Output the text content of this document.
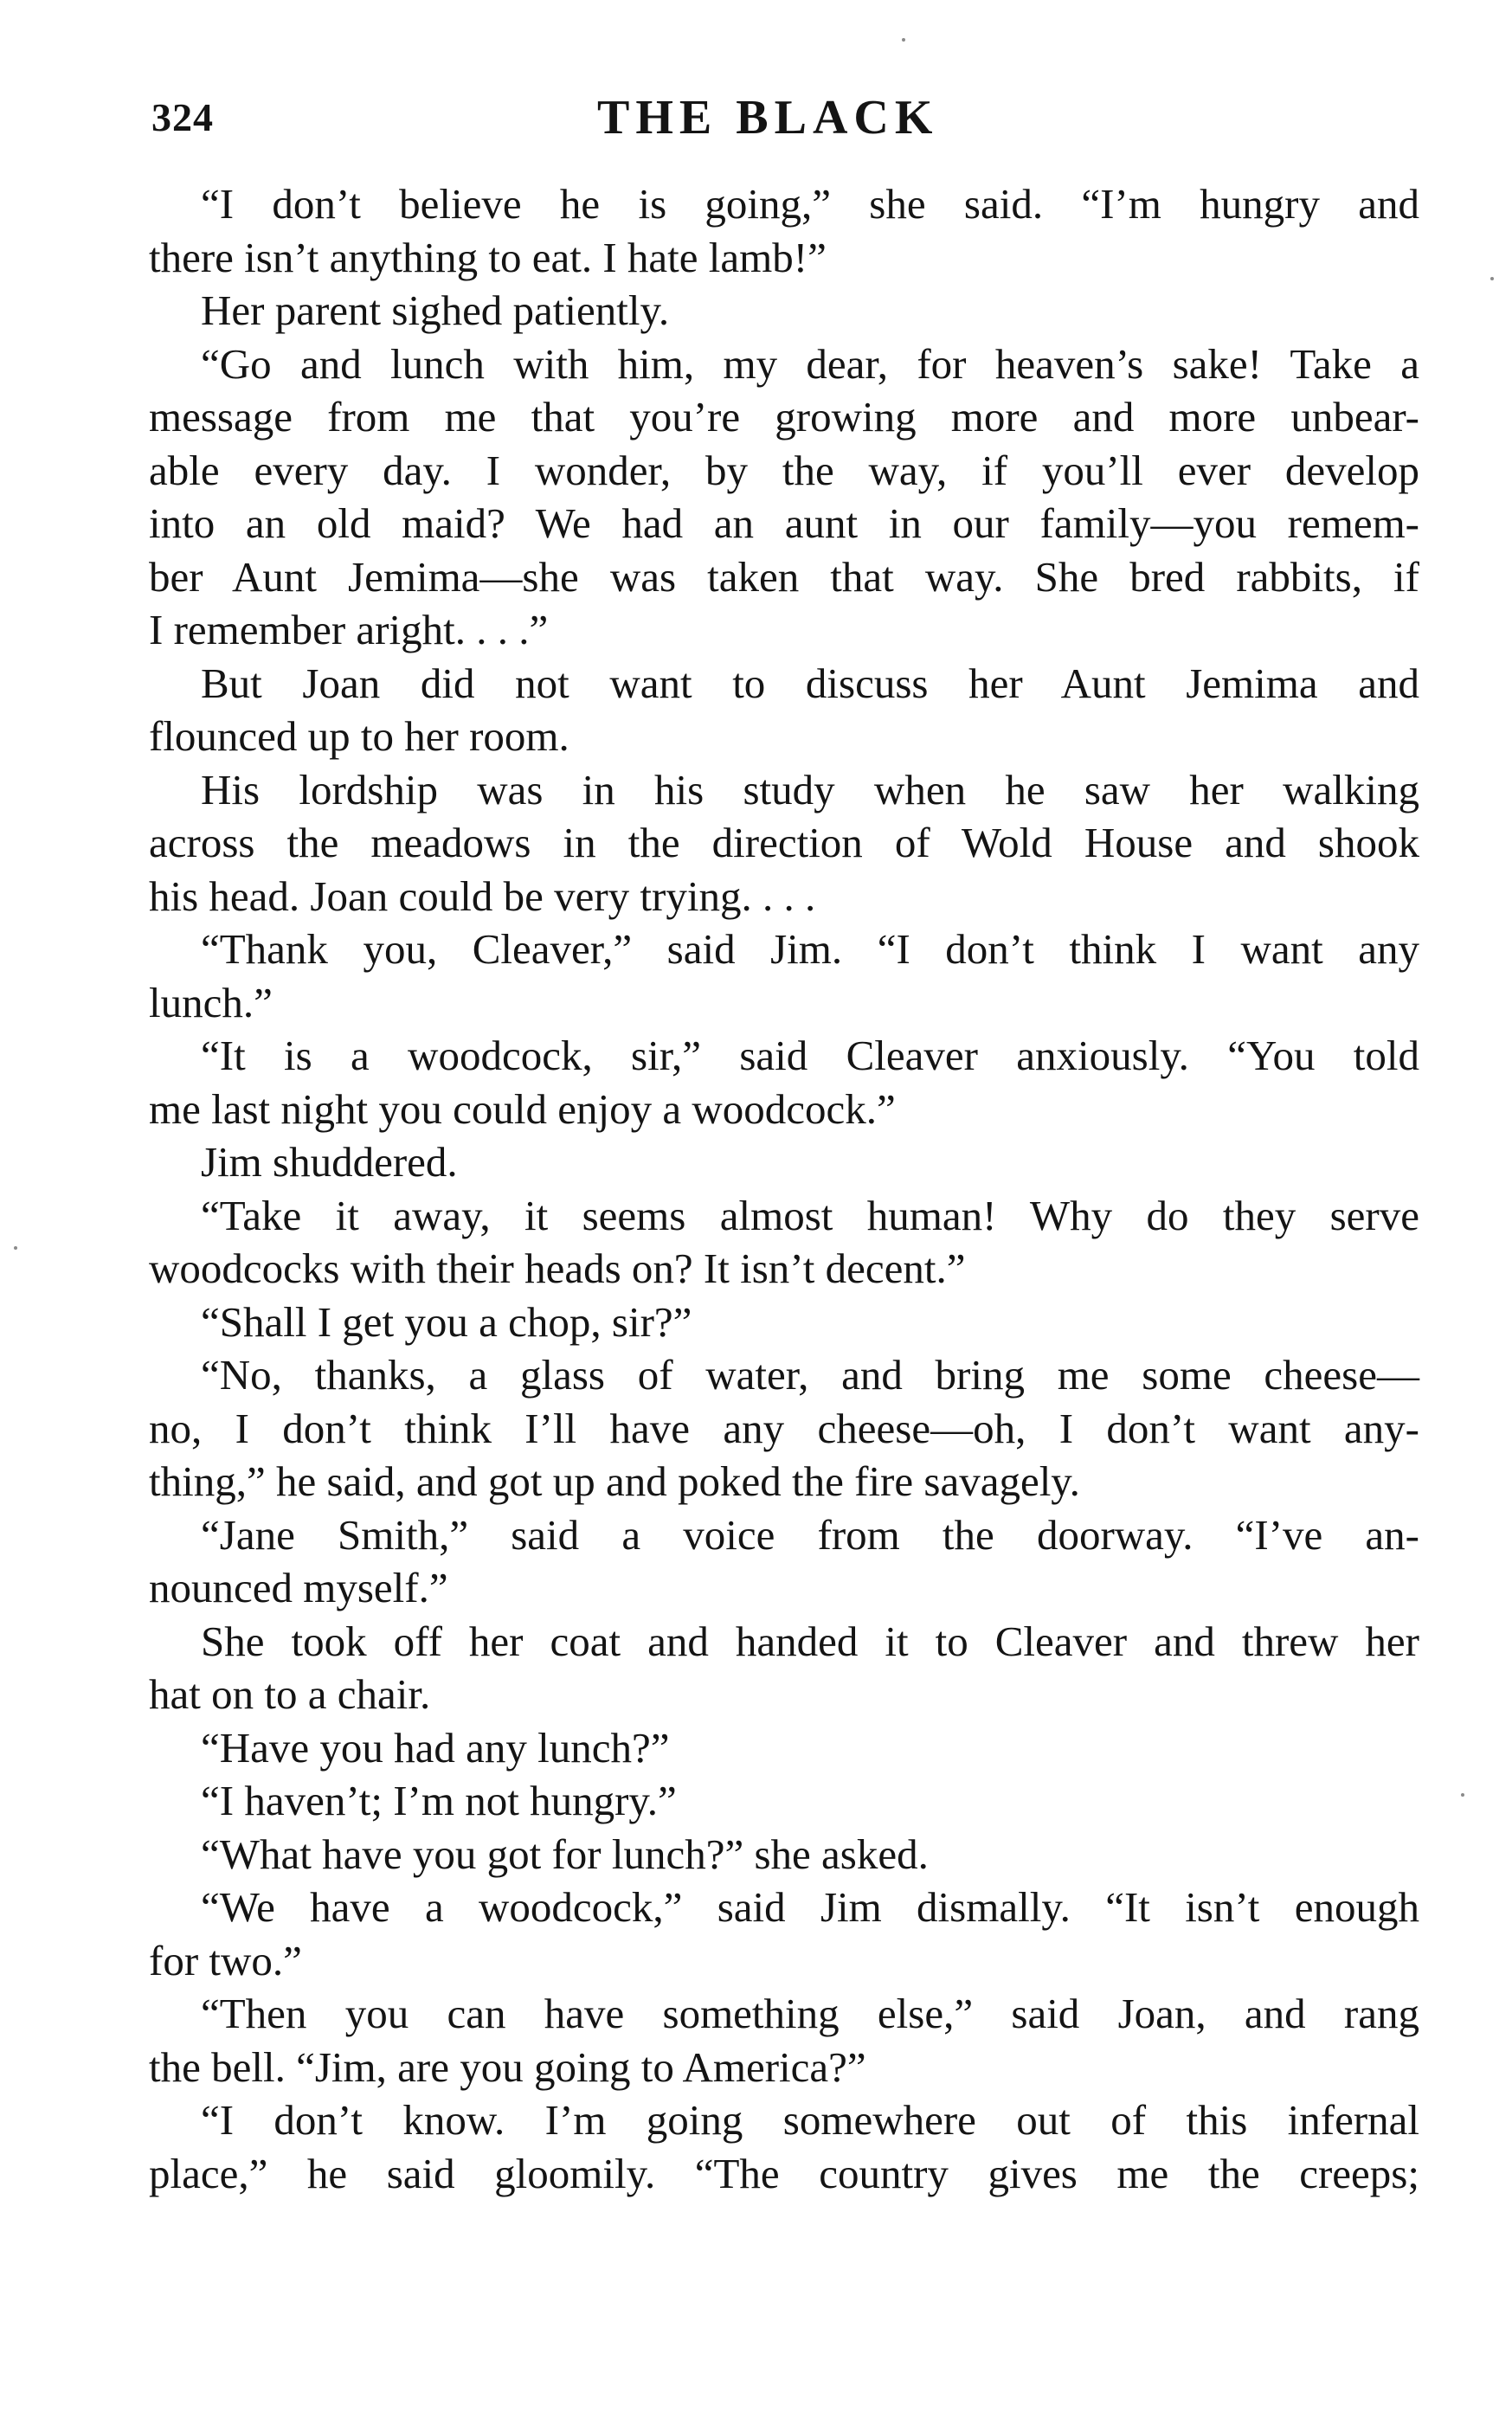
324	THE BLACK
“I don’t believe he is going,” she said. “I’m hungry and
there isn’t anything to eat. I hate lamb!”
Her parent sighed patiently.
“Go and lunch with him, my dear, for heaven’s sake! Take a
message from me that you’re growing more and more unbear-
able every day. I wonder, by the way, if you’ll ever develop
into an old maid? We had an aunt in our family—you remem-
ber Aunt Jemima—she was taken that way. She bred rabbits, if
I remember aright. . . .”
But Joan did not want to discuss her Aunt Jemima and
flounced up to her room.
His lordship was in his study when he saw her walking
across the meadows in the direction of Wold House and shook
his head. Joan could be very trying. . . .
“Thank you, Cleaver,” said Jim. “I don’t think I want any
lunch.”
“It is a woodcock, sir,” said Cleaver anxiously. “You told
me last night you could enjoy a woodcock.”
Jim shuddered.
“Take it away, it seems almost human! Why do they serve
woodcocks with their heads on? It isn’t decent.”
“Shall I get you a chop, sir?”
“No, thanks, a glass of water, and bring me some cheese—
no, I don’t think I’ll have any cheese—oh, I don’t want any-
thing,” he said, and got up and poked the fire savagely.
“Jane Smith,” said a voice from the doorway. “I’ve an-
nounced myself.”
She took off her coat and handed it to Cleaver and threw her
hat on to a chair.
“Have you had any lunch?”
“I haven’t; I’m not hungry.”
“What have you got for lunch?” she asked.
“We have a woodcock,” said Jim dismally. “It isn’t enough
for two.”
“Then you can have something else,” said Joan, and rang
the bell. “Jim, are you going to America?”
“I don’t know. I’m going somewhere out of this infernal
place,” he said gloomily. “The country gives me the creeps;
